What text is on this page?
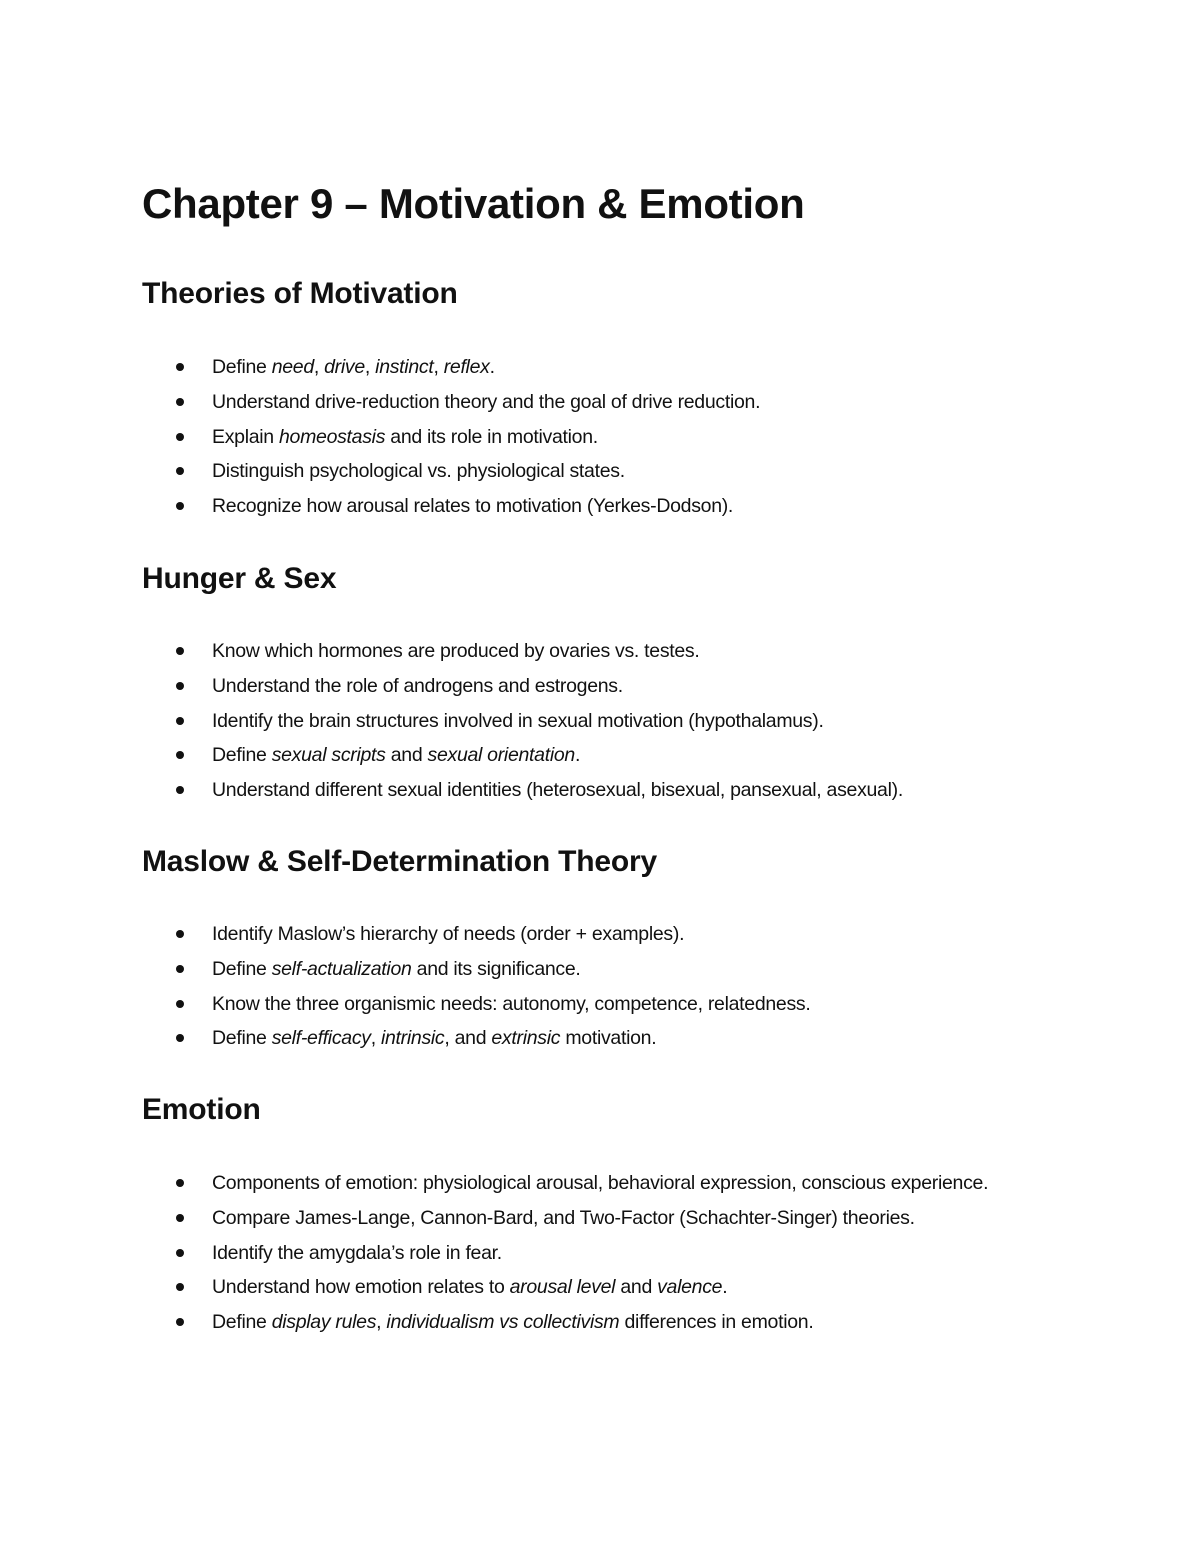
Chapter 9 – Motivation & Emotion
Theories of Motivation
Define need, drive, instinct, reflex.
Understand drive-reduction theory and the goal of drive reduction.
Explain homeostasis and its role in motivation.
Distinguish psychological vs. physiological states.
Recognize how arousal relates to motivation (Yerkes-Dodson).
Hunger & Sex
Know which hormones are produced by ovaries vs. testes.
Understand the role of androgens and estrogens.
Identify the brain structures involved in sexual motivation (hypothalamus).
Define sexual scripts and sexual orientation.
Understand different sexual identities (heterosexual, bisexual, pansexual, asexual).
Maslow & Self-Determination Theory
Identify Maslow’s hierarchy of needs (order + examples).
Define self-actualization and its significance.
Know the three organismic needs: autonomy, competence, relatedness.
Define self-efficacy, intrinsic, and extrinsic motivation.
Emotion
Components of emotion: physiological arousal, behavioral expression, conscious experience.
Compare James-Lange, Cannon-Bard, and Two-Factor (Schachter-Singer) theories.
Identify the amygdala’s role in fear.
Understand how emotion relates to arousal level and valence.
Define display rules, individualism vs collectivism differences in emotion.
